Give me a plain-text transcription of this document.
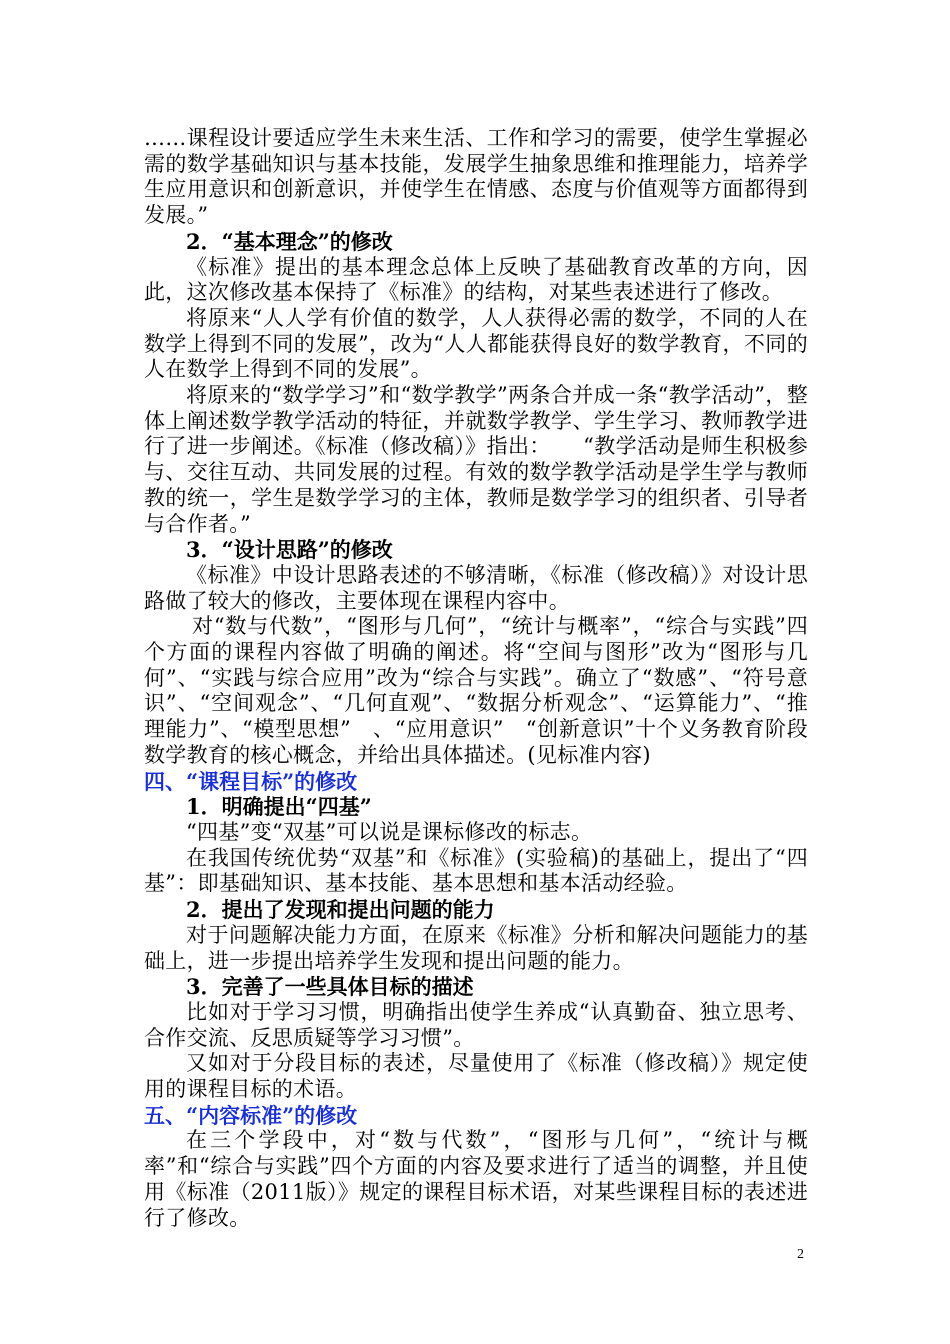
……课程设计要适应学生未来生活、工作和学习的需要，使学生掌握必需的数学基础知识与基本技能，发展学生抽象思维和推理能力，培养学生应用意识和创新意识，并使学生在情感、态度与价值观等方面都得到发展。”

2．“基本理念”的修改

《标准》提出的基本理念总体上反映了基础教育改革的方向，因此，这次修改基本保持了《标准》的结构，对某些表述进行了修改。

将原来“人人学有价值的数学，人人获得必需的数学，不同的人在数学上得到不同的发展”，改为“人人都能获得良好的数学教育，不同的人在数学上得到不同的发展”。

将原来的“数学学习”和“数学教学”两条合并成一条“教学活动”，整体上阐述数学教学活动的特征，并就数学教学、学生学习、教师教学进行了进一步阐述。《标准（修改稿）》指出：　　“教学活动是师生积极参与、交往互动、共同发展的过程。有效的数学教学活动是学生学与教师教的统一，学生是数学学习的主体，教师是数学学习的组织者、引导者与合作者。”

3．“设计思路”的修改

《标准》中设计思路表述的不够清晰，《标准（修改稿）》对设计思路做了较大的修改，主要体现在课程内容中。

对“数与代数”，“图形与几何”，“统计与概率”，“综合与实践”四个方面的课程内容做了明确的阐述。将“空间与图形”改为“图形与几何”、“实践与综合应用”改为“综合与实践”。确立了“数感”、“符号意识”、“空间观念”、“几何直观”、“数据分析观念”、“运算能力”、“推理能力”、“模型思想”　、“应用意识”　“创新意识”十个义务教育阶段数学教育的核心概念，并给出具体描述。(见标准内容)

四、“课程目标”的修改

1．明确提出“四基”

“四基”变“双基”可以说是课标修改的标志。

在我国传统优势“双基”和《标准》(实验稿)的基础上，提出了“四基”：即基础知识、基本技能、基本思想和基本活动经验。

2．提出了发现和提出问题的能力

对于问题解决能力方面，在原来《标准》分析和解决问题能力的基础上，进一步提出培养学生发现和提出问题的能力。

3．完善了一些具体目标的描述

比如对于学习习惯，明确指出使学生养成“认真勤奋、独立思考、合作交流、反思质疑等学习习惯”。

又如对于分段目标的表述，尽量使用了《标准（修改稿）》规定使用的课程目标的术语。

五、“内容标准”的修改

在三个学段中，对“数与代数”，“图形与几何”，“统计与概率”和“综合与实践”四个方面的内容及要求进行了适当的调整，并且使用《标准（2011版）》规定的课程目标术语，对某些课程目标的表述进行了修改。

2
